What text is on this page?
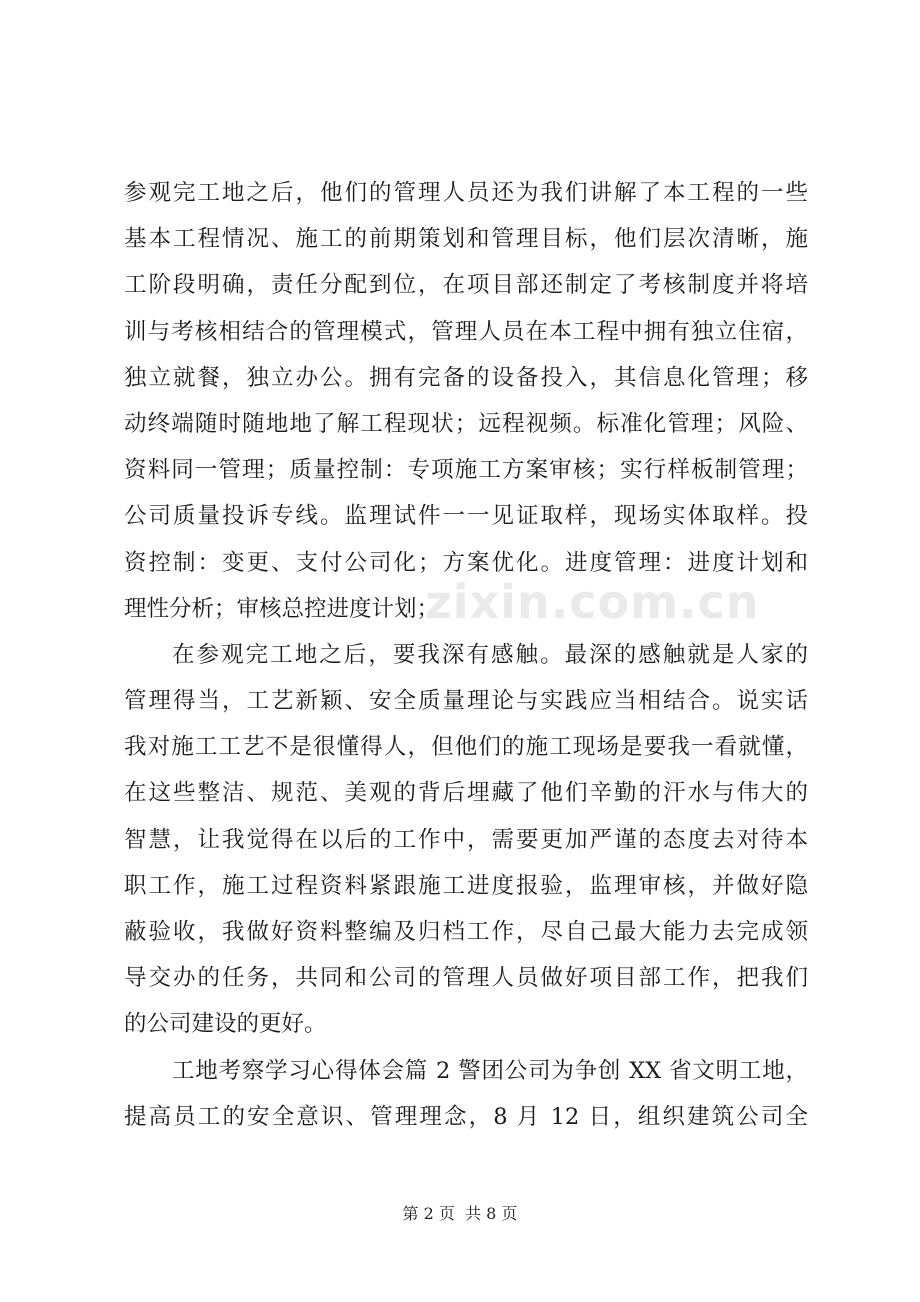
参观完工地之后，他们的管理人员还为我们讲解了本工程的一些
基本工程情况、施工的前期策划和管理目标，他们层次清晰，施
工阶段明确，责任分配到位，在项目部还制定了考核制度并将培
训与考核相结合的管理模式，管理人员在本工程中拥有独立住宿，
独立就餐，独立办公。拥有完备的设备投入，其信息化管理；移
动终端随时随地地了解工程现状；远程视频。标准化管理；风险、
资料同一管理；质量控制：专项施工方案审核；实行样板制管理；
公司质量投诉专线。监理试件一一见证取样，现场实体取样。投
资控制：变更、支付公司化；方案优化。进度管理：进度计划和
理性分析；审核总控进度计划；
在参观完工地之后，要我深有感触。最深的感触就是人家的
管理得当，工艺新颖、安全质量理论与实践应当相结合。说实话
我对施工工艺不是很懂得人，但他们的施工现场是要我一看就懂，
在这些整洁、规范、美观的背后埋藏了他们辛勤的汗水与伟大的
智慧，让我觉得在以后的工作中，需要更加严谨的态度去对待本
职工作，施工过程资料紧跟施工进度报验，监理审核，并做好隐
蔽验收，我做好资料整编及归档工作，尽自己最大能力去完成领
导交办的任务，共同和公司的管理人员做好项目部工作，把我们
的公司建设的更好。
工地考察学习心得体会篇 2 警团公司为争创 XX 省文明工地，
提高员工的安全意识、管理理念，8 月 12 日，组织建筑公司全
zixin.com.cn
第 2 页  共 8 页
